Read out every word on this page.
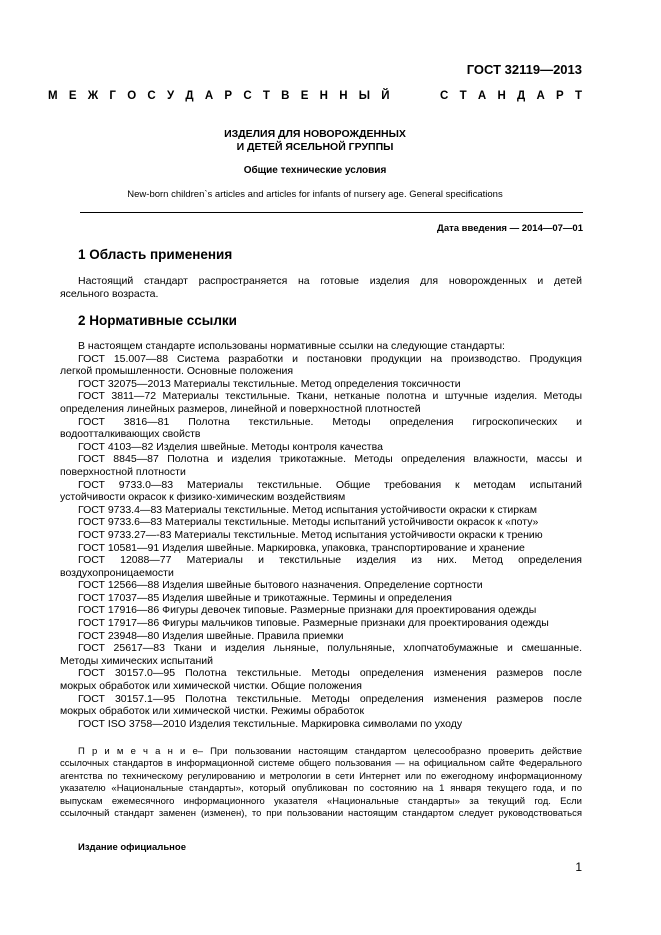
ГОСТ 32119—2013
М Е Ж Г О С У Д А Р С Т В Е Н Н Ы Й	С Т А Н Д А Р Т
ИЗДЕЛИЯ ДЛЯ НОВОРОЖДЕННЫХ
И ДЕТЕЙ ЯСЕЛЬНОЙ ГРУППЫ
Общие технические условия
New-born children`s articles and articles for infants of nursery age. General specifications
Дата введения — 2014—07—01
1 Область применения
Настоящий стандарт распространяется на готовые изделия для новорожденных и детей
ясельного возраста.
2 Нормативные ссылки
В настоящем стандарте использованы нормативные ссылки на следующие стандарты:
ГОСТ 15.007—88 Система разработки и постановки продукции на производство. Продукция
легкой промышленности. Основные положения
ГОСТ 32075—2013 Материалы текстильные. Метод определения токсичности
ГОСТ 3811—72 Материалы текстильные. Ткани, нетканые полотна и штучные изделия. Методы
определения линейных размеров, линейной и поверхностной плотностей
ГОСТ 3816—81 Полотна текстильные. Методы определения гигроскопических и
водоотталкивающих свойств
ГОСТ 4103—82 Изделия швейные. Методы контроля качества
ГОСТ 8845—87 Полотна и изделия трикотажные. Методы определения влажности, массы и
поверхностной плотности
ГОСТ 9733.0—83 Материалы текстильные. Общие требования к методам испытаний
устойчивости окрасок к физико-химическим воздействиям
ГОСТ 9733.4—83 Материалы текстильные. Метод испытания устойчивости окраски к стиркам
ГОСТ 9733.6—83 Материалы текстильные. Методы испытаний устойчивости окрасок к «поту»
ГОСТ 9733.27—-83 Материалы текстильные. Метод испытания устойчивости окраски к трению
ГОСТ 10581—91 Изделия швейные. Маркировка, упаковка, транспортирование и хранение
ГОСТ 12088—77 Материалы и текстильные изделия из них. Метод определения
воздухопроницаемости
ГОСТ 12566—88 Изделия швейные бытового назначения. Определение сортности
ГОСТ 17037—85 Изделия швейные и трикотажные. Термины и определения
ГОСТ 17916—86 Фигуры девочек типовые. Размерные признаки для проектирования одежды
ГОСТ 17917—86 Фигуры мальчиков типовые. Размерные признаки для проектирования одежды
ГОСТ 23948—80 Изделия швейные. Правила приемки
ГОСТ 25617—83 Ткани и изделия льняные, полульняные, хлопчатобумажные и смешанные.
Методы химических испытаний
ГОСТ 30157.0—95 Полотна текстильные. Методы определения изменения размеров после
мокрых обработок или химической чистки. Общие положения
ГОСТ 30157.1—95 Полотна текстильные. Методы определения изменения размеров после
мокрых обработок или химической чистки. Режимы обработок
ГОСТ ISO 3758—2010 Изделия текстильные. Маркировка символами по уходу
П р и м е ч а н и е– При пользовании настоящим стандартом целесообразно проверить действие
ссылочных стандартов в информационной системе общего пользования — на официальном сайте Федерального
агентства по техническому регулированию и метрологии в сети Интернет или по ежегодному информационному
указателю «Национальные стандарты», который опубликован по состоянию на 1 января текущего года, и по
выпускам ежемесячного информационного указателя «Национальные стандарты» за текущий год. Если
ссылочный стандарт заменен (изменен), то при пользовании настоящим стандартом следует руководствоваться
Издание официальное
1
